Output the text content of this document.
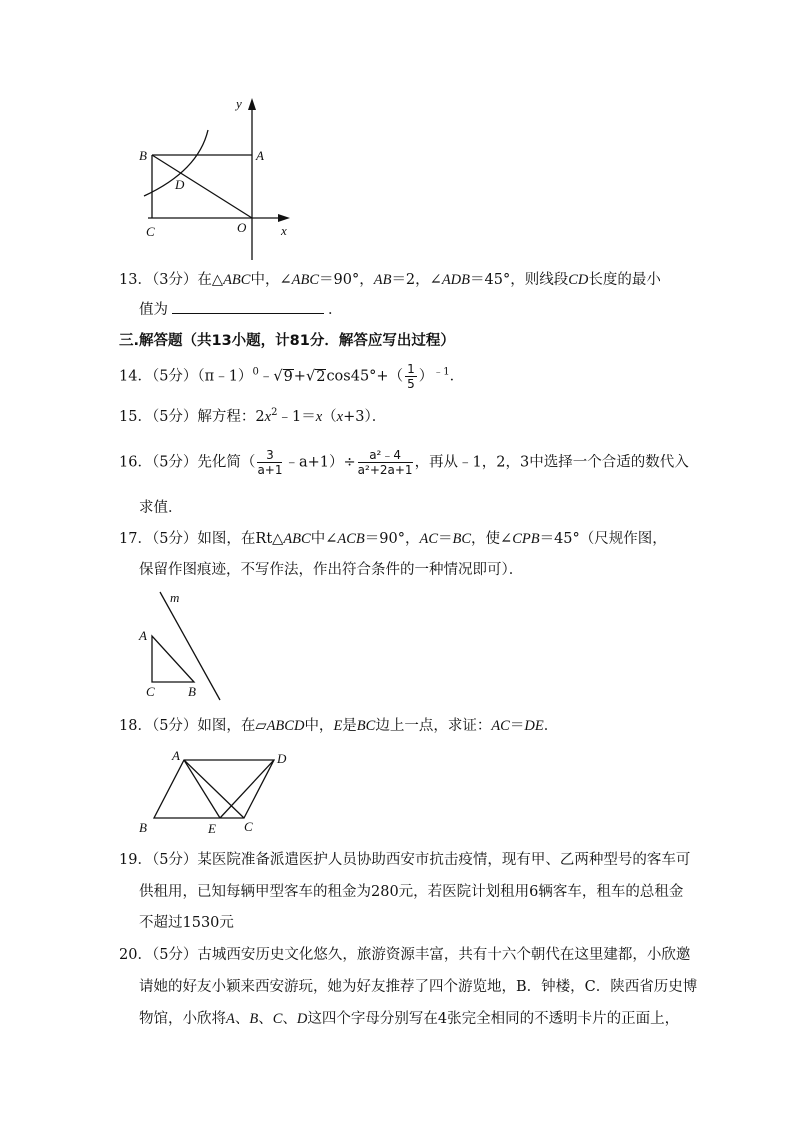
y
B	A
D
C	O	x
13．（3分）在△ABC中，∠ABC＝90°，AB＝2，∠ADB＝45°，则线段CD长度的最小
值为	．
三.解答题（共13小题，计81分．解答应写出过程）
14．（5分）（π﹣1）$^0$﹣√9+√2cos45°+（ $\frac{1}{5} )^{﹣1}$．
15．（5分）解方程：$2x^2﹣1=x(x+3)$．
16．（5分）先化简（ $\frac{3}{a+1}$ ﹣a+1）÷ $\frac{\text{a²﹣4}}{\text{a²+2a+1}}$ ，再从﹣1，2，3中选择一个合适的数代入
求值．
17．（5分）如图，在Rt△ABC中∠ACB＝90°，AC＝BC，使∠CPB＝45°（尺规作图，
保留作图痕迹，不写作法，作出符合条件的一种情况即可）．
m
A
C	B
18．（5分）如图，在▱ABCD中，E是BC边上一点，求证：AC＝DE．
A	D
B	E C
19．（5分）某医院准备派遣医护人员协助西安市抗击疫情，现有甲、乙两种型号的客车可
供租用，已知每辆甲型客车的租金为280元，若医院计划租用6辆客车，租车的总租金
不超过1530元
20．（5分）古城西安历史文化悠久，旅游资源丰富，共有十六个朝代在这里建都，小欣邀
请她的好友小颖来西安游玩，她为好友推荐了四个游览地，B．钟楼，C．陕西省历史博
物馆，小欣将A、B、C、D这四个字母分别写在4张完全相同的不透明卡片的正面上，
